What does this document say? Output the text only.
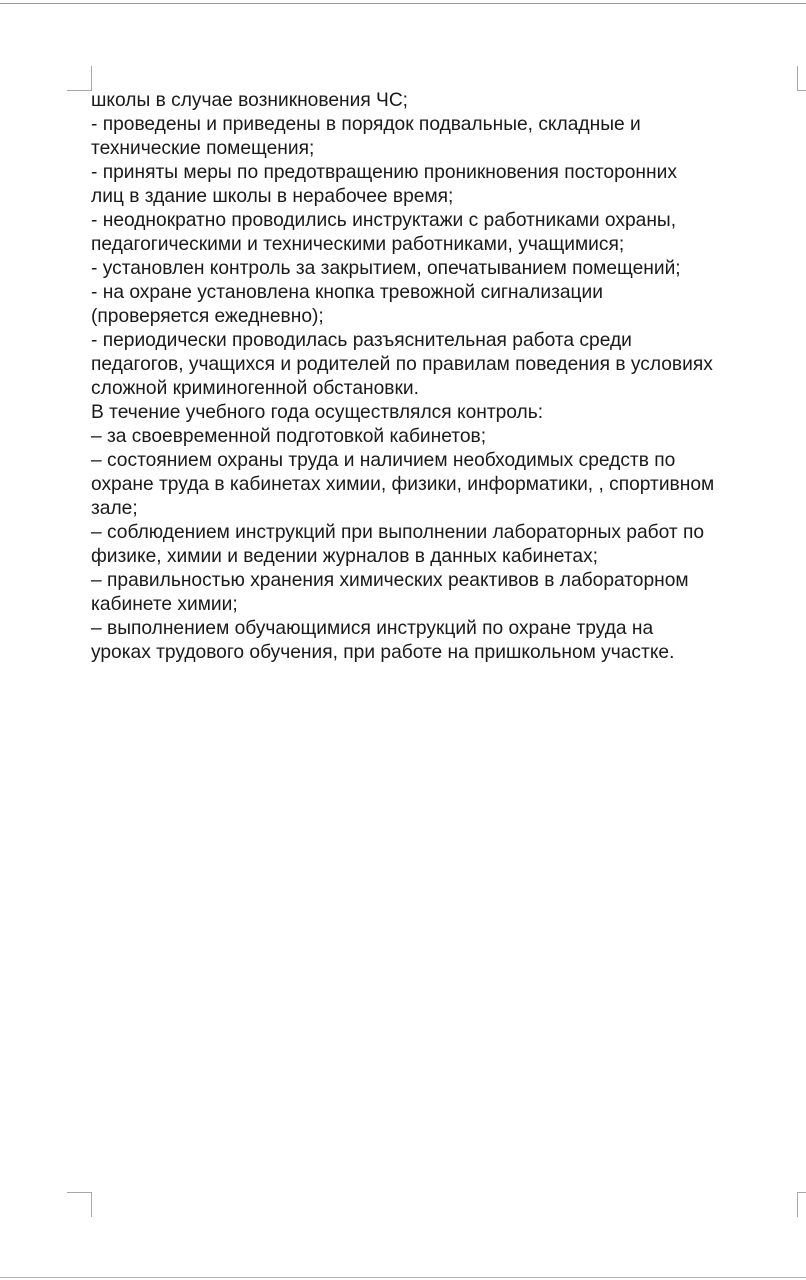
школы в случае возникновения ЧС;
- проведены и приведены в порядок подвальные, складные и
технические помещения;
- приняты меры по предотвращению проникновения посторонних
лиц в здание школы в нерабочее время;
- неоднократно проводились инструктажи с работниками охраны,
педагогическими и техническими работниками, учащимися;
- установлен контроль за закрытием, опечатыванием помещений;
- на охране установлена кнопка тревожной сигнализации
(проверяется ежедневно);
- периодически проводилась разъяснительная работа среди
педагогов, учащихся и родителей по правилам поведения в условиях
сложной криминогенной обстановки.
В течение учебного года осуществлялся контроль:
– за своевременной подготовкой кабинетов;
– состоянием охраны труда и наличием необходимых средств по
охране труда в кабинетах химии, физики, информатики, , спортивном
зале;
– соблюдением инструкций при выполнении лабораторных работ по
физике, химии и ведении журналов в данных кабинетах;
– правильностью хранения химических реактивов в лабораторном
кабинете химии;
– выполнением обучающимися инструкций по охране труда на
уроках трудового обучения, при работе на пришкольном участке.
